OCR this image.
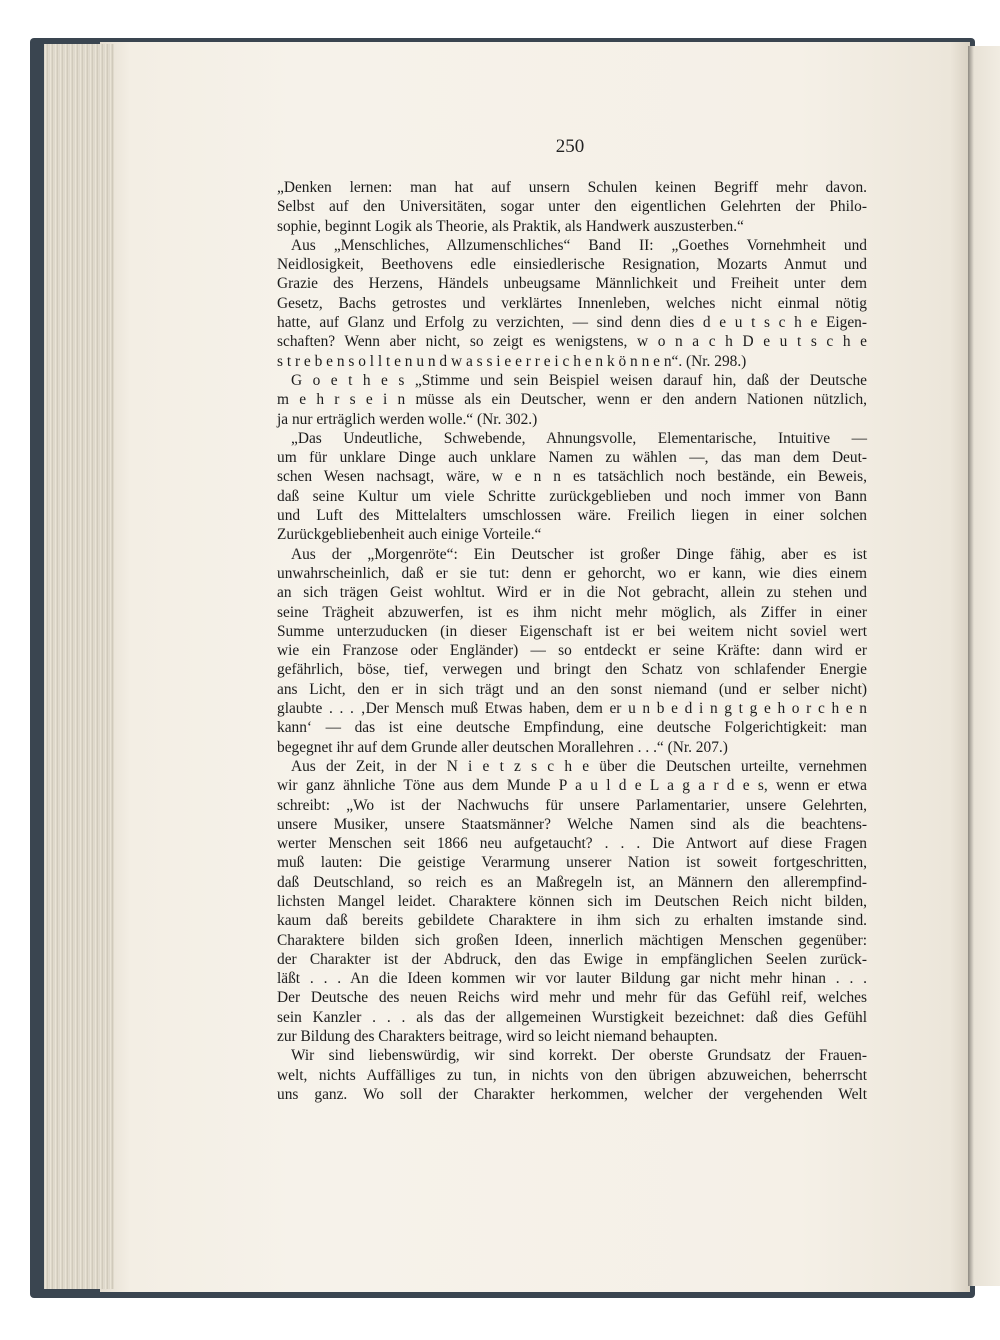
250
„Denken lernen: man hat auf unsern Schulen keinen Begriff mehr davon.
Selbst auf den Universitäten, sogar unter den eigentlichen Gelehrten der Philo-
sophie, beginnt Logik als Theorie, als Praktik, als Handwerk auszusterben.“
Aus „Menschliches, Allzumenschliches“ Band II: „Goethes Vornehmheit und
Neidlosigkeit, Beethovens edle einsiedlerische Resignation, Mozarts Anmut und
Grazie des Herzens, Händels unbeugsame Männlichkeit und Freiheit unter dem
Gesetz, Bachs getrostes und verklärtes Innenleben, welches nicht einmal nötig
hatte, auf Glanz und Erfolg zu verzichten, — sind denn dies d e u t s c h e Eigen-
schaften? Wenn aber nicht, so zeigt es wenigstens, w o n a c h D e u t s c h e
s t r e b e n s o l l t e n u n d w a s s i e e r r e i c h e n k ö n n e n“. (Nr. 298.)
G o e t h e s „Stimme und sein Beispiel weisen darauf hin, daß der Deutsche
m e h r s e i n müsse als ein Deutscher, wenn er den andern Nationen nützlich,
ja nur erträglich werden wolle.“ (Nr. 302.)
„Das Undeutliche, Schwebende, Ahnungsvolle, Elementarische, Intuitive —
um für unklare Dinge auch unklare Namen zu wählen —, das man dem Deut-
schen Wesen nachsagt, wäre, w e n n es tatsächlich noch bestände, ein Beweis,
daß seine Kultur um viele Schritte zurückgeblieben und noch immer von Bann
und Luft des Mittelalters umschlossen wäre. Freilich liegen in einer solchen
Zurückgebliebenheit auch einige Vorteile.“
Aus der „Morgenröte“: Ein Deutscher ist großer Dinge fähig, aber es ist
unwahrscheinlich, daß er sie tut: denn er gehorcht, wo er kann, wie dies einem
an sich trägen Geist wohltut. Wird er in die Not gebracht, allein zu stehen und
seine Trägheit abzuwerfen, ist es ihm nicht mehr möglich, als Ziffer in einer
Summe unterzuducken (in dieser Eigenschaft ist er bei weitem nicht soviel wert
wie ein Franzose oder Engländer) — so entdeckt er seine Kräfte: dann wird er
gefährlich, böse, tief, verwegen und bringt den Schatz von schlafender Energie
ans Licht, den er in sich trägt und an den sonst niemand (und er selber nicht)
glaubte . . . ‚Der Mensch muß Etwas haben, dem er u n b e d i n g t g e h o r c h e n
kann‘ — das ist eine deutsche Empfindung, eine deutsche Folgerichtigkeit: man
begegnet ihr auf dem Grunde aller deutschen Morallehren . . .“ (Nr. 207.)
Aus der Zeit, in der N i e t z s c h e über die Deutschen urteilte, vernehmen
wir ganz ähnliche Töne aus dem Munde P a u l d e L a g a r d e s, wenn er etwa
schreibt: „Wo ist der Nachwuchs für unsere Parlamentarier, unsere Gelehrten,
unsere Musiker, unsere Staatsmänner? Welche Namen sind als die beachtens-
werter Menschen seit 1866 neu aufgetaucht? . . . Die Antwort auf diese Fragen
muß lauten: Die geistige Verarmung unserer Nation ist soweit fortgeschritten,
daß Deutschland, so reich es an Maßregeln ist, an Männern den allerempfind-
lichsten Mangel leidet. Charaktere können sich im Deutschen Reich nicht bilden,
kaum daß bereits gebildete Charaktere in ihm sich zu erhalten imstande sind.
Charaktere bilden sich großen Ideen, innerlich mächtigen Menschen gegenüber:
der Charakter ist der Abdruck, den das Ewige in empfänglichen Seelen zurück-
läßt . . . An die Ideen kommen wir vor lauter Bildung gar nicht mehr hinan . . .
Der Deutsche des neuen Reichs wird mehr und mehr für das Gefühl reif, welches
sein Kanzler . . . als das der allgemeinen Wurstigkeit bezeichnet: daß dies Gefühl
zur Bildung des Charakters beitrage, wird so leicht niemand behaupten.
Wir sind liebenswürdig, wir sind korrekt. Der oberste Grundsatz der Frauen-
welt, nichts Auffälliges zu tun, in nichts von den übrigen abzuweichen, beherrscht
uns ganz. Wo soll der Charakter herkommen, welcher der vergehenden Welt
